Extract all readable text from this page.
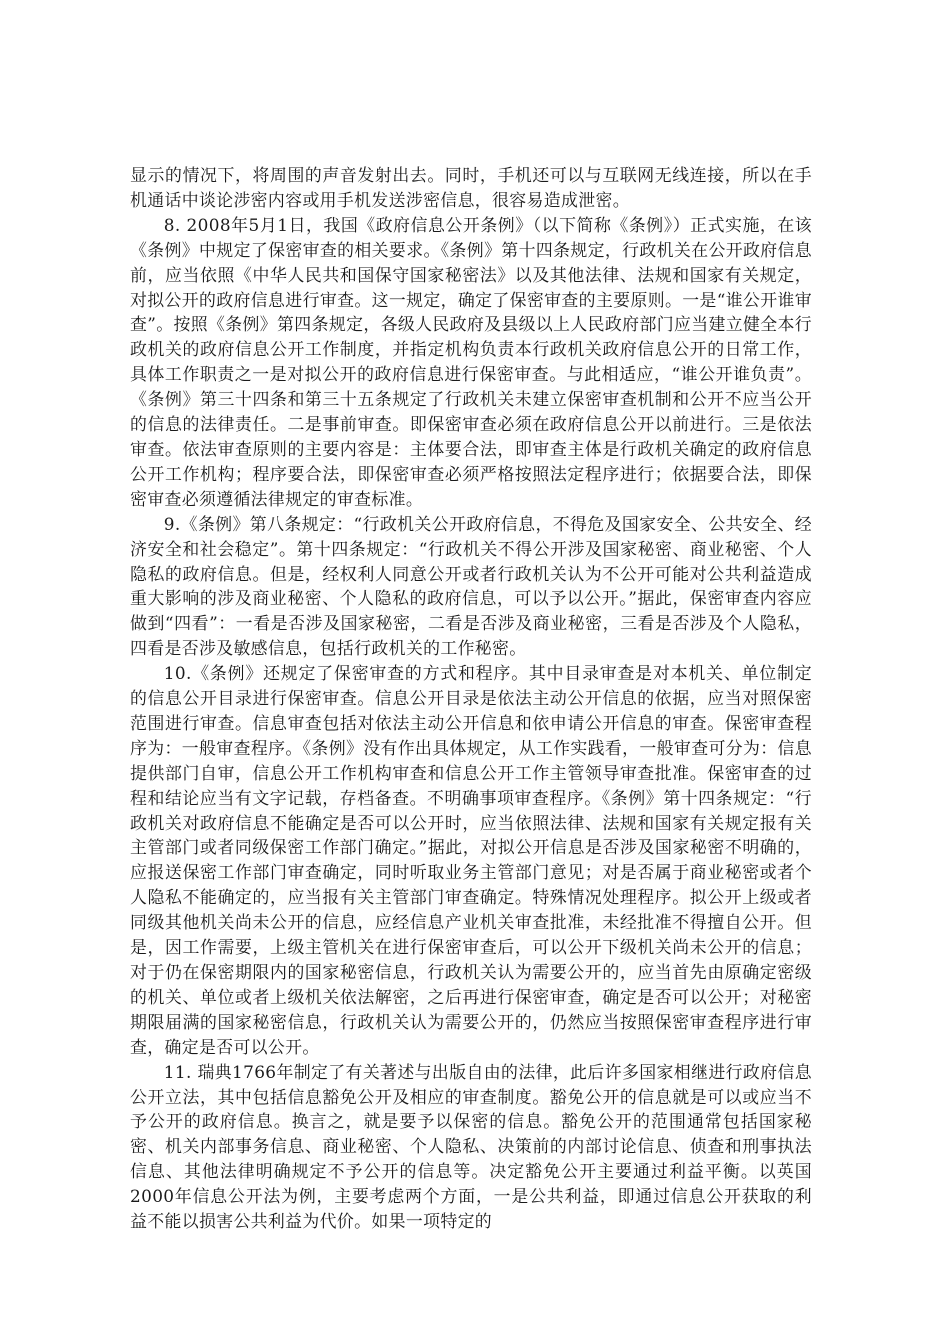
显示的情况下，将周围的声音发射出去。同时，手机还可以与互联网无线连接，所以在手机通话中谈论涉密内容或用手机发送涉密信息，很容易造成泄密。

8. 2008年5月1日，我国《政府信息公开条例》（以下简称《条例》）正式实施，在该《条例》中规定了保密审查的相关要求。《条例》第十四条规定，行政机关在公开政府信息前，应当依照《中华人民共和国保守国家秘密法》以及其他法律、法规和国家有关规定，对拟公开的政府信息进行审查。这一规定，确定了保密审查的主要原则。一是“谁公开谁审查”。按照《条例》第四条规定，各级人民政府及县级以上人民政府部门应当建立健全本行政机关的政府信息公开工作制度，并指定机构负责本行政机关政府信息公开的日常工作，具体工作职责之一是对拟公开的政府信息进行保密审查。与此相适应，“谁公开谁负责”。《条例》第三十四条和第三十五条规定了行政机关未建立保密审查机制和公开不应当公开的信息的法律责任。二是事前审查。即保密审查必须在政府信息公开以前进行。三是依法审查。依法审查原则的主要内容是：主体要合法，即审查主体是行政机关确定的政府信息公开工作机构；程序要合法，即保密审查必须严格按照法定程序进行；依据要合法，即保密审查必须遵循法律规定的审查标准。

9.《条例》第八条规定：“行政机关公开政府信息，不得危及国家安全、公共安全、经济安全和社会稳定”。第十四条规定：“行政机关不得公开涉及国家秘密、商业秘密、个人隐私的政府信息。但是，经权利人同意公开或者行政机关认为不公开可能对公共利益造成重大影响的涉及商业秘密、个人隐私的政府信息，可以予以公开。”据此，保密审查内容应做到“四看”：一看是否涉及国家秘密，二看是否涉及商业秘密，三看是否涉及个人隐私，四看是否涉及敏感信息，包括行政机关的工作秘密。

10.《条例》还规定了保密审查的方式和程序。其中目录审查是对本机关、单位制定的信息公开目录进行保密审查。信息公开目录是依法主动公开信息的依据，应当对照保密范围进行审查。信息审查包括对依法主动公开信息和依申请公开信息的审查。保密审查程序为：一般审查程序。《条例》没有作出具体规定，从工作实践看，一般审查可分为：信息提供部门自审，信息公开工作机构审查和信息公开工作主管领导审查批准。保密审查的过程和结论应当有文字记载，存档备查。不明确事项审查程序。《条例》第十四条规定：“行政机关对政府信息不能确定是否可以公开时，应当依照法律、法规和国家有关规定报有关主管部门或者同级保密工作部门确定。”据此，对拟公开信息是否涉及国家秘密不明确的，应报送保密工作部门审查确定，同时听取业务主管部门意见；对是否属于商业秘密或者个人隐私不能确定的，应当报有关主管部门审查确定。特殊情况处理程序。拟公开上级或者同级其他机关尚未公开的信息，应经信息产业机关审查批准，未经批准不得擅自公开。但是，因工作需要，上级主管机关在进行保密审查后，可以公开下级机关尚未公开的信息；对于仍在保密期限内的国家秘密信息，行政机关认为需要公开的，应当首先由原确定密级的机关、单位或者上级机关依法解密，之后再进行保密审查，确定是否可以公开；对秘密期限届满的国家秘密信息，行政机关认为需要公开的，仍然应当按照保密审查程序进行审查，确定是否可以公开。

11. 瑞典1766年制定了有关著述与出版自由的法律，此后许多国家相继进行政府信息公开立法，其中包括信息豁免公开及相应的审查制度。豁免公开的信息就是可以或应当不予公开的政府信息。换言之，就是要予以保密的信息。豁免公开的范围通常包括国家秘密、机关内部事务信息、商业秘密、个人隐私、决策前的内部讨论信息、侦查和刑事执法信息、其他法律明确规定不予公开的信息等。决定豁免公开主要通过利益平衡。以英国2000年信息公开法为例，主要考虑两个方面，一是公共利益，即通过信息公开获取的利益不能以损害公共利益为代价。如果一项特定的
